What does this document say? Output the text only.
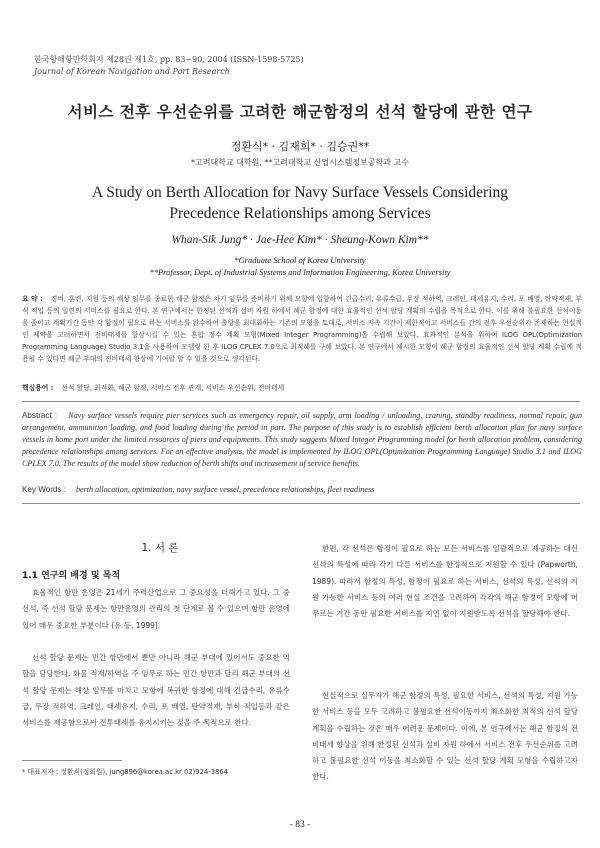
한국항해항만학회지 제28권 제1호, pp. 83~90, 2004 (ISSN-1598-5725)
Journal of Korean Navigation and Port Research
서비스 전후 우선순위를 고려한 해군함정의 선석 할당에 관한 연구
정환식* · 김재희* · 김승권**
*고려대학교 대학원, **고려대학교 산업시스템정보공학과 교수
A Study on Berth Allocation for Navy Surface Vessels Considering
Precedence Relationships among Services
Whan-Sik Jung* · Jae-Hee Kim* · Sheung-Kown Kim**
*Graduate School of Korea University
**Professor, Dept. of Industrial Systems and Information Engineering, Korea University
요 약 : 경비, 훈련, 지원 등의 해상 임무를 종료한 해군 함정은 차기 임무를 준비하기 위해 모항에 입항하여 긴급수리, 유류수급, 무장 적하역, 크레인, 태세유지, 수리, 포 배열, 탄약적재, 부식 적입 등의 일련의 서비스를 필요로 한다. 본 연구에서는 한정된 선석과 설비 자원 하에서 해군 함정에 대한 효율적인 선석 할당 계획의 수립을 목적으로 한다. 이를 위해 불필요한 선석이동을 줄이고 계획기간 동안 각 함정이 필요로 하는 서비스를 완수하여 출항을 최대화하는 기존의 모형을 토대로, 서비스 지속 기간이 제한적이고 서비스들 간의 전후 우선순위가 존재하는 현실적인 제약을 고려하면서 전비태세를 향상시킬 수 있는 혼합 정수 계획 모형(Mixed Integer Programming)을 수립해 보았다. 효과적인 분석을 위하여 ILOG OPL(Optimization Programming Language) Studio 3.1을 사용하여 모델링 한 후 ILOG CPLEX 7.0으로 최적해를 구해 보았다. 본 연구에서 제시한 모형이 해군 함정의 효율적인 선석 할당 계획 수립에 적용될 수 있다면 해군 부대의 전비태세 향상에 기여할 할 수 있을 것으로 생각된다.
핵심용어 : 선석 할당, 최적화, 해군 함정, 서비스 전후 관계, 서비스 우선순위, 전비태세
Abstract : Navy surface vessels require pier services such as emergency repair, oil supply, arm loading / unloading, craning, standby readiness, normal repair, gun arrangement, ammunition loading, and food loading during the period in port. The purpose of this study is to establish efficient berth allocation plan for navy surface vessels in home port under the limited resources of piers and equipments. This study suggests Mixed Integer Programming model for berth allocation problem, considering precedence relationships among services. For an effective analysis, the model is implemented by ILOG OPL(Optimization Programming Language) Studio 3.1 and ILOG CPLEX 7.0. The results of the model show reduction of berth shifts and increasement of service benefits.
Key Words : berth allocation, optimization, navy surface vessel, precedence relationships, fleet readiness
1. 서 론
1.1 연구의 배경 및 목적

효율적인 항만 운영은 21세기 주력산업으로 그 중요성을 더해가고 있다. 그 중 선석, 즉 선석 할당 문제는 항만운영의 관리의 첫 단계로 볼 수 있으며 항만 운영에 있어 매우 중요한 부분이다 (유 등, 1999).

선석 할당 문제는 민간 항만에서 뿐만 아니라 해군 부대에 있어서도 중요한 역할을 담당한다. 화물 적재/하역을 주 임무로 하는 민간 항만과 달리 해군 부대의 선석 할당 문제는 해상 임무를 마치고 모항에 복귀한 함정에 대해 긴급수리, 유류수급, 무장 적하역, 크레인, 태세유지, 수리, 포 배열, 탄약적재, 부식 적입등과 같은 서비스를 제공함으로써 전투태세를 유지시키는 것을 주 목적으로 한다.

한편, 각 선석은 함정이 필요로 하는 모든 서비스를 일괄적으로 제공하는 대신 선석의 특성에 따라 각기 다른 서비스를 한정적으로 지원할 수 있다 (Papworth, 1989). 따라서 함정의 특성, 함정이 필요로 하는 서비스, 선석의 특성, 선석의 지원 가능한 서비스 등의 여러 현실 조건을 고려하여 각각의 해군 함정이 모항에 머무르는 기간 동안 필요한 서비스를 지연 없이 지원받도록 선석을 할당해야 한다.

현실적으로 실무자가 해군 함정의 특성, 필요한 서비스, 선석의 특성, 지원 가능한 서비스 등을 모두 고려하고 불필요한 선석이동까지 최소화한 최적의 선석 할당 계획을 수립하는 것은 매우 어려운 문제이다. 이에, 본 연구에서는 해군 함정의 전비태세 향상을 위해 한정된 선석과 설비 자원 하에서 서비스 전후 우선순위를 고려하고 불필요한 선석 이동을 최소화할 수 있는 선석 할당 계획 모형을 수립하고자 한다.

* 대표저자 : 정환식(정회원), jung896@korea.ac.kr 02)924-3864
- 83 -
